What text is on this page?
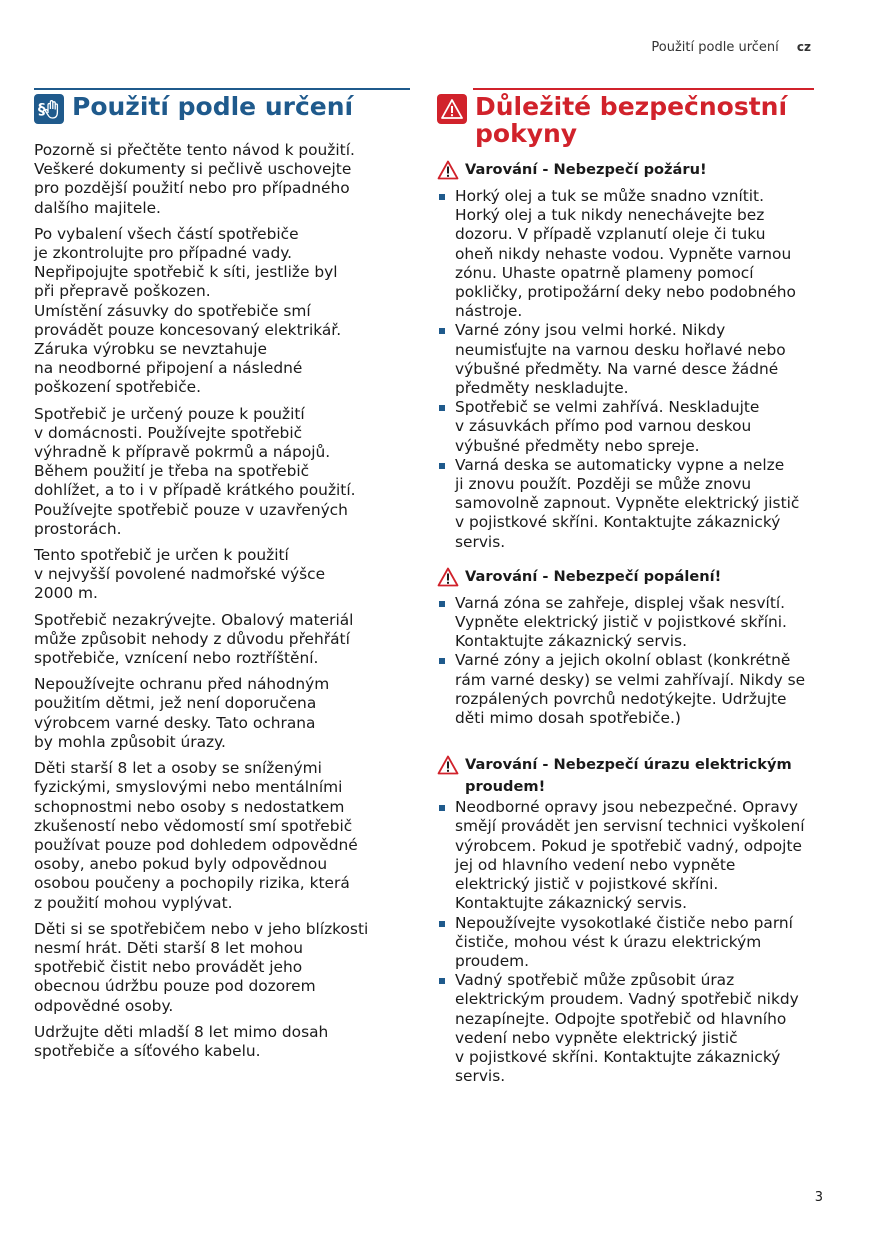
Použití podle určení cz
§	Použití podle určení

Pozorně si přečtěte tento návod k použití.
Veškeré dokumenty si pečlivě uschovejte
pro pozdější použití nebo pro případného
dalšího majitele.

Po vybalení všech částí spotřebiče
je zkontrolujte pro případné vady.
Nepřipojujte spotřebič k síti, jestliže byl
při přepravě poškozen.
Umístění zásuvky do spotřebiče smí
provádět pouze koncesovaný elektrikář.
Záruka výrobku se nevztahuje
na neodborné připojení a následné
poškození spotřebiče.

Spotřebič je určený pouze k použití
v domácnosti. Používejte spotřebič
výhradně k přípravě pokrmů a nápojů.
Během použití je třeba na spotřebič
dohlížet, a to i v případě krátkého použití.
Používejte spotřebič pouze v uzavřených
prostorách.

Tento spotřebič je určen k použití
v nejvyšší povolené nadmořské výšce
2000 m.

Spotřebič nezakrývejte. Obalový materiál
může způsobit nehody z důvodu přehřátí
spotřebiče, vznícení nebo roztříštění.

Nepoužívejte ochranu před náhodným
použitím dětmi, jež není doporučena
výrobcem varné desky. Tato ochrana
by mohla způsobit úrazy.

Děti starší 8 let a osoby se sníženými
fyzickými, smyslovými nebo mentálními
schopnostmi nebo osoby s nedostatkem
zkušeností nebo vědomostí smí spotřebič
používat pouze pod dohledem odpovědné
osoby, anebo pokud byly odpovědnou
osobou poučeny a pochopily rizika, která
z použití mohou vyplývat.

Děti si se spotřebičem nebo v jeho blízkosti
nesmí hrát. Děti starší 8 let mohou
spotřebič čistit nebo provádět jeho
obecnou údržbu pouze pod dozorem
odpovědné osoby.

Udržujte děti mladší 8 let mimo dosah
spotřebiče a síťového kabelu.

Důležité bezpečnostní pokyny
Varování - Nebezpečí požáru!
Horký olej a tuk se může snadno vznítit.
Horký olej a tuk nikdy nenechávejte bez
dozoru. V případě vzplanutí oleje či tuku
oheň nikdy nehaste vodou. Vypněte varnou
zónu. Uhaste opatrně plameny pomocí
pokličky, protipožární deky nebo podobného
nástroje.
Varné zóny jsou velmi horké. Nikdy
neumisťujte na varnou desku hořlavé nebo
výbušné předměty. Na varné desce žádné
předměty neskladujte.
Spotřebič se velmi zahřívá. Neskladujte
v zásuvkách přímo pod varnou deskou
výbušné předměty nebo spreje.
Varná deska se automaticky vypne a nelze
ji znovu použít. Později se může znovu
samovolně zapnout. Vypněte elektrický jistič
v pojistkové skříni. Kontaktujte zákaznický
servis.
Varování - Nebezpečí popálení!
Varná zóna se zahřeje, displej však nesvítí.
Vypněte elektrický jistič v pojistkové skříni.
Kontaktujte zákaznický servis.
Varné zóny a jejich okolní oblast (konkrétně
rám varné desky) se velmi zahřívají. Nikdy se
rozpálených povrchů nedotýkejte. Udržujte
děti mimo dosah spotřebiče.)
Varování - Nebezpečí úrazu elektrickým proudem!
Neodborné opravy jsou nebezpečné. Opravy
smějí provádět jen servisní technici vyškolení
výrobcem. Pokud je spotřebič vadný, odpojte
jej od hlavního vedení nebo vypněte
elektrický jistič v pojistkové skříni.
Kontaktujte zákaznický servis.
Nepoužívejte vysokotlaké čističe nebo parní
čističe, mohou vést k úrazu elektrickým
proudem.
Vadný spotřebič může způsobit úraz
elektrickým proudem. Vadný spotřebič nikdy
nezapínejte. Odpojte spotřebič od hlavního
vedení nebo vypněte elektrický jistič
v pojistkové skříni. Kontaktujte zákaznický
servis.
3
